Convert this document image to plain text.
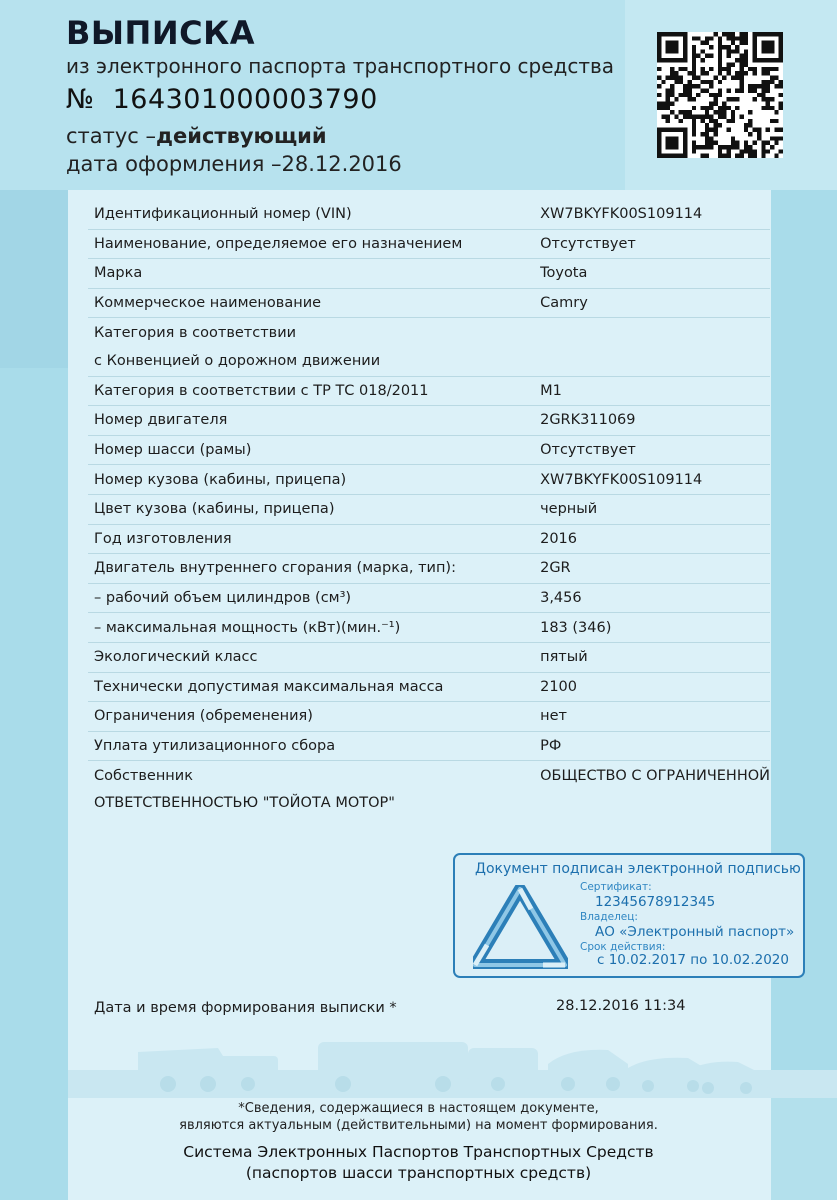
ВЫПИСКА
из электронного паспорта транспортного средства
№ 164301000003790
статус –действующий
дата оформления –28.12.2016
Идентификационный номер (VIN)	XW7BKYFK00S109114
Наименование, определяемое его назначением	Отсутствует
Марка	Toyota
Коммерческое наименование	Camry
Категория в соответствии	
с Конвенцией о дорожном движении	
Категория в соответствии с ТР ТС 018/2011	M1
Номер двигателя	2GRK311069
Номер шасси (рамы)	Отсутствует
Номер кузова (кабины, прицепа)	XW7BKYFK00S109114
Цвет кузова (кабины, прицепа)	черный
Год изготовления	2016
Двигатель внутреннего сгорания (марка, тип):	2GR
– рабочий объем цилиндров (см³)	3,456
– максимальная мощность (кВт)(мин.⁻¹)	183 (346)
Экологический класс	пятый
Технически допустимая максимальная масса	2100
Ограничения (обременения)	нет
Уплата утилизационного сбора	РФ
Собственник	ОБЩЕСТВО С ОГРАНИЧЕННОЙ
ОТВЕТСТВЕННОСТЬЮ "ТОЙОТА МОТОР"
Документ подписан электронной подписью
Сертификат:
12345678912345
Владелец:
АО «Электронный паспорт»
Срок действия:
с 10.02.2017 по 10.02.2020
Дата и время формирования выписки *	28.12.2016 11:34
*Сведения, содержащиеся в настоящем документе,
являются актуальным (действительными) на момент формирования.
Система Электронных Паспортов Транспортных Средств
(паспортов шасси транспортных средств)
